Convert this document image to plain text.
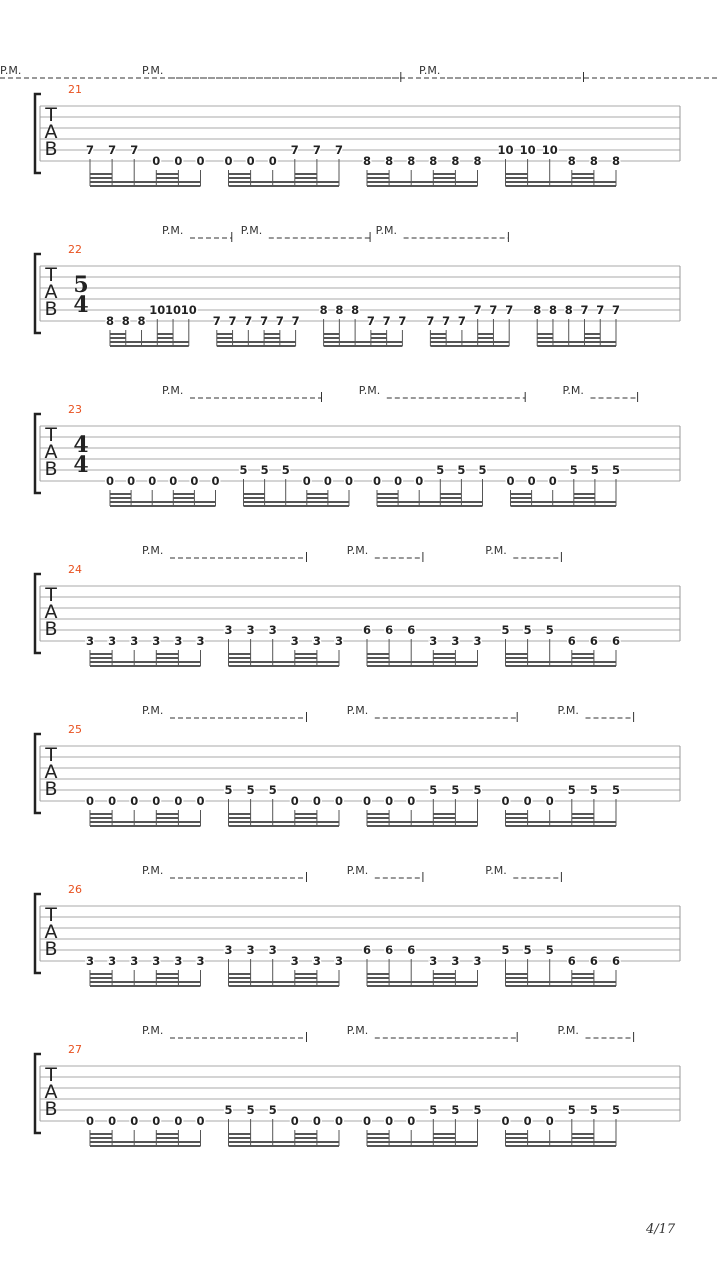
T
A
B
21
7 7 7
0 0 0 0 0 0
7 7 7
8 8 8 8 8 8
10 10 10
8 8 8
P.M.	P.M.
P.M.
T
A
B
22
5
4
8 8 8
10 10 10
7 7 7 7 7 7
8 8 8
7 7 7 7 7 7
7 7 7 8 8 8 7 7 7
P.M.	P.M.	P.M.
T
A
B
23
4
4
0 0 0 0 0 0
5 5 5
0 0 0 0 0 0
5 5 5
0 0 0
5 5 5
P.M.	P.M.	P.M.
T
A
B
24
3 3 3 3 3 3
3 3 3
3 3 3
6 6 6
3 3 3
5 5 5
6 6 6
P.M.	P.M.	P.M.
T
A
B
25
0 0 0 0 0 0
5 5 5
0 0 0 0 0 0
5 5 5
0 0 0
5 5 5
P.M.	P.M.	P.M.
T
A
B
26
3 3 3 3 3 3
3 3 3
3 3 3
6 6 6
3 3 3
5 5 5
6 6 6
P.M.	P.M.	P.M.
T
A
B
27
0 0 0 0 0 0
5 5 5
0 0 0 0 0 0
5 5 5
0 0 0
5 5 5
P.M.	P.M.	P.M.
4/17
